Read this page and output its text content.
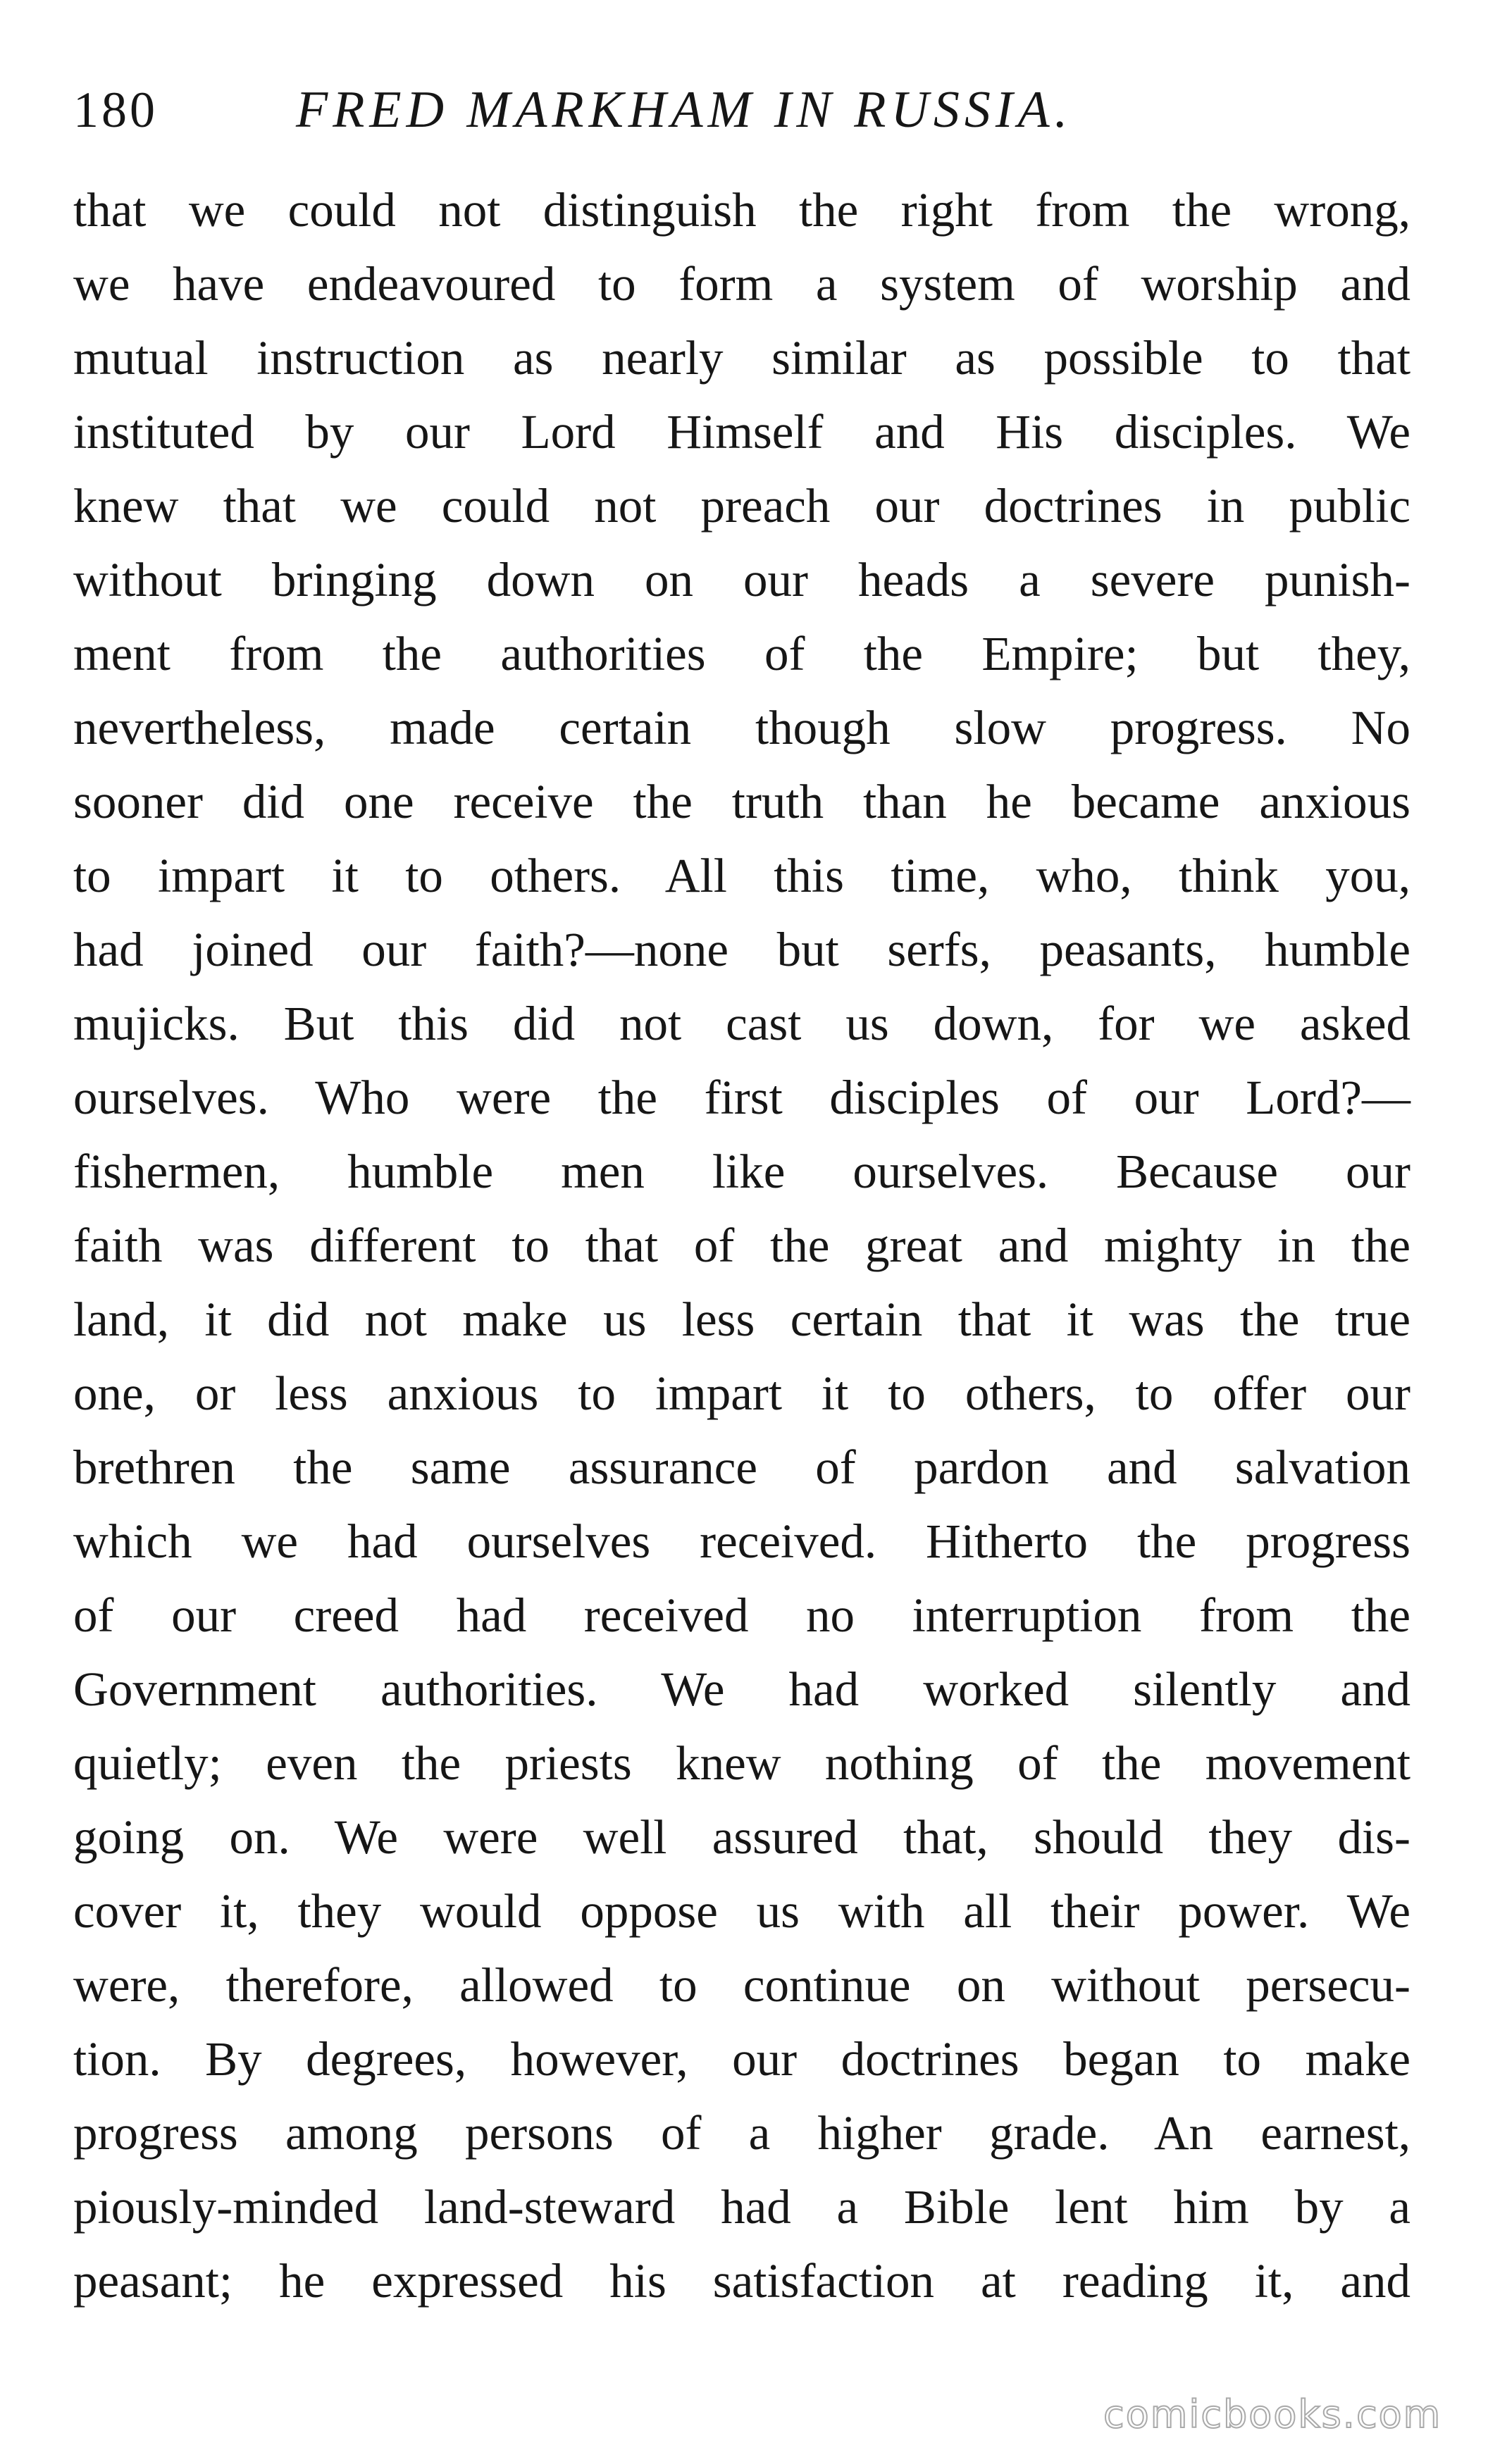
180	FRED MARKHAM IN RUSSIA.
that we could not distinguish the right from the wrong,
we have endeavoured to form a system of worship and
mutual instruction as nearly similar as possible to that
instituted by our Lord Himself and His disciples. We
knew that we could not preach our doctrines in public
without bringing down on our heads a severe punish-
ment from the authorities of the Empire; but they,
nevertheless, made certain though slow progress. No
sooner did one receive the truth than he became anxious
to impart it to others. All this time, who, think you,
had joined our faith?—none but serfs, peasants, humble
mujicks. But this did not cast us down, for we asked
ourselves. Who were the first disciples of our Lord?—
fishermen, humble men like ourselves. Because our
faith was different to that of the great and mighty in the
land, it did not make us less certain that it was the true
one, or less anxious to impart it to others, to offer our
brethren the same assurance of pardon and salvation
which we had ourselves received. Hitherto the progress
of our creed had received no interruption from the
Government authorities. We had worked silently and
quietly; even the priests knew nothing of the movement
going on. We were well assured that, should they dis-
cover it, they would oppose us with all their power. We
were, therefore, allowed to continue on without persecu-
tion. By degrees, however, our doctrines began to make
progress among persons of a higher grade. An earnest,
piously-minded land-steward had a Bible lent him by a
peasant; he expressed his satisfaction at reading it, and
comicbooks.com
